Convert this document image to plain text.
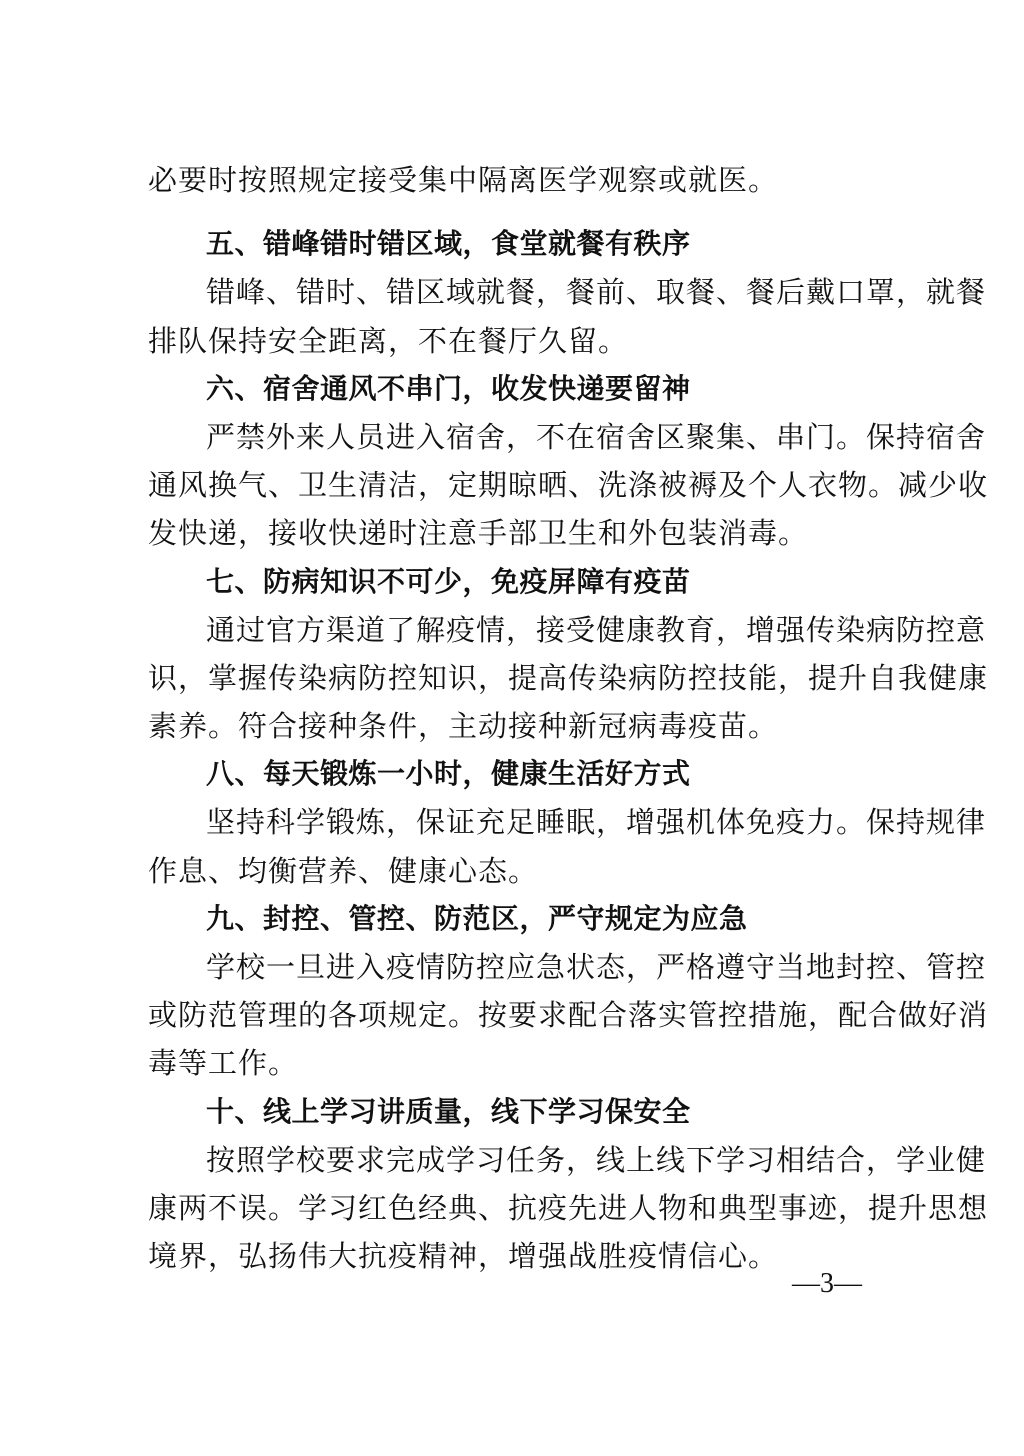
必要时按照规定接受集中隔离医学观察或就医。

五、错峰错时错区域，食堂就餐有秩序
错峰、错时、错区域就餐，餐前、取餐、餐后戴口罩，就餐
排队保持安全距离，不在餐厅久留。
六、宿舍通风不串门，收发快递要留神
严禁外来人员进入宿舍，不在宿舍区聚集、串门。保持宿舍
通风换气、卫生清洁，定期晾晒、洗涤被褥及个人衣物。减少收
发快递，接收快递时注意手部卫生和外包装消毒。
七、防病知识不可少，免疫屏障有疫苗
通过官方渠道了解疫情，接受健康教育，增强传染病防控意
识，掌握传染病防控知识，提高传染病防控技能，提升自我健康
素养。符合接种条件，主动接种新冠病毒疫苗。
八、每天锻炼一小时，健康生活好方式
坚持科学锻炼，保证充足睡眠，增强机体免疫力。保持规律
作息、均衡营养、健康心态。
九、封控、管控、防范区，严守规定为应急
学校一旦进入疫情防控应急状态，严格遵守当地封控、管控
或防范管理的各项规定。按要求配合落实管控措施，配合做好消
毒等工作。
十、线上学习讲质量，线下学习保安全
按照学校要求完成学习任务，线上线下学习相结合，学业健
康两不误。学习红色经典、抗疫先进人物和典型事迹，提升思想
境界，弘扬伟大抗疫精神，增强战胜疫情信心。
—3—
